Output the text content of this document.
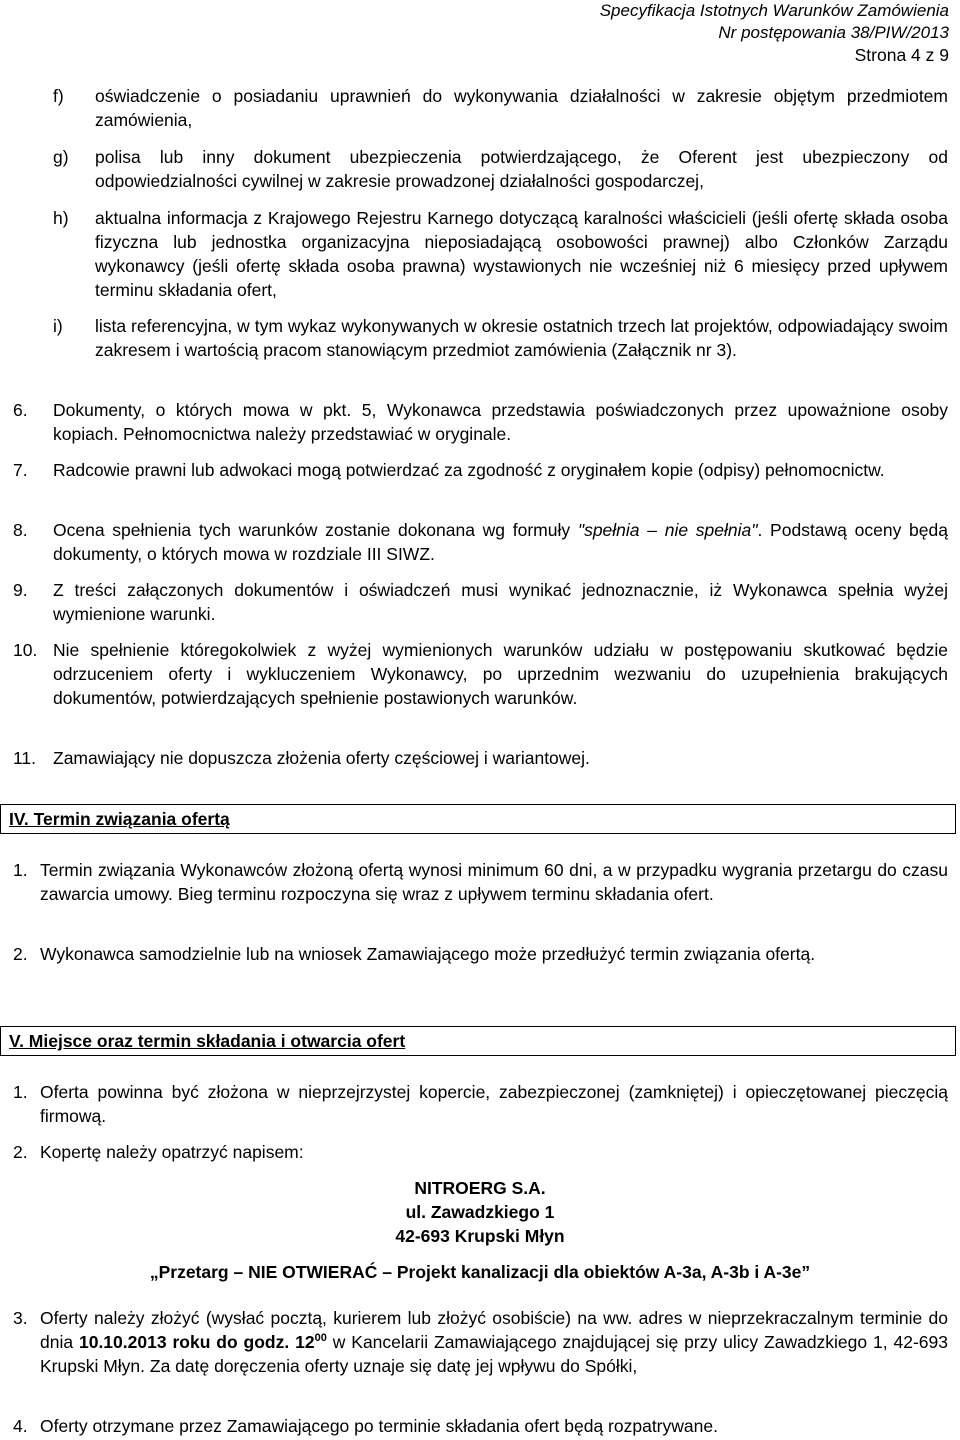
Specyfikacja Istotnych Warunków Zamówienia
Nr postępowania 38/PIW/2013
Strona 4 z 9
f)	oświadczenie o posiadaniu uprawnień do wykonywania działalności w zakresie objętym przedmiotem zamówienia,
g)	polisa lub inny dokument ubezpieczenia potwierdzającego, że Oferent jest ubezpieczony od odpowiedzialności cywilnej w zakresie prowadzonej działalności gospodarczej,
h)	aktualna informacja z Krajowego Rejestru Karnego dotyczącą karalności właścicieli (jeśli ofertę składa osoba fizyczna lub jednostka organizacyjna nieposiadającą osobowości prawnej) albo Członków Zarządu wykonawcy (jeśli ofertę składa osoba prawna) wystawionych nie wcześniej niż 6 miesięcy przed upływem terminu składania ofert,
i)	lista referencyjna, w tym wykaz wykonywanych w okresie ostatnich trzech lat projektów, odpowiadający swoim zakresem i wartością pracom stanowiącym przedmiot zamówienia (Załącznik nr 3).
6.	Dokumenty, o których mowa w pkt. 5, Wykonawca przedstawia poświadczonych przez upoważnione osoby kopiach. Pełnomocnictwa należy przedstawiać w oryginale.
7.	Radcowie prawni lub adwokaci mogą potwierdzać za zgodność z oryginałem kopie (odpisy) pełnomocnictw.
8.	Ocena spełnienia tych warunków zostanie dokonana wg formuły "spełnia – nie spełnia". Podstawą oceny będą dokumenty, o których mowa w rozdziale III SIWZ.
9.	Z treści załączonych dokumentów i oświadczeń musi wynikać jednoznacznie, iż Wykonawca spełnia wyżej wymienione warunki.
10. Nie spełnienie któregokolwiek z wyżej wymienionych warunków udziału w postępowaniu skutkować będzie odrzuceniem oferty i wykluczeniem Wykonawcy, po uprzednim wezwaniu do uzupełnienia brakujących dokumentów, potwierdzających spełnienie postawionych warunków.
11. Zamawiający nie dopuszcza złożenia oferty częściowej i wariantowej.
IV. Termin związania ofertą
1. Termin związania Wykonawców złożoną ofertą wynosi minimum 60 dni, a w przypadku wygrania przetargu do czasu zawarcia umowy. Bieg terminu rozpoczyna się wraz z upływem terminu składania ofert.
2. Wykonawca samodzielnie lub na wniosek Zamawiającego może przedłużyć termin związania ofertą.
V. Miejsce oraz termin składania i otwarcia ofert
1. Oferta powinna być złożona w nieprzejrzystej kopercie, zabezpieczonej (zamkniętej) i opieczętowanej pieczęcią firmową.
2. Kopertę należy opatrzyć napisem:
NITROERG S.A.
ul. Zawadzkiego 1
42-693 Krupski Młyn
„Przetarg – NIE OTWIERAĆ – Projekt kanalizacji dla obiektów A-3a, A-3b i A-3e”
3. Oferty należy złożyć (wysłać pocztą, kurierem lub złożyć osobiście) na ww. adres w nieprzekraczalnym terminie do dnia 10.10.2013 roku do godz. $12^{00}$ w Kancelarii Zamawiającego znajdującej się przy ulicy Zawadzkiego 1, 42-693 Krupski Młyn. Za datę doręczenia oferty uznaje się datę jej wpływu do Spółki,
4. Oferty otrzymane przez Zamawiającego po terminie składania ofert będą rozpatrywane.
